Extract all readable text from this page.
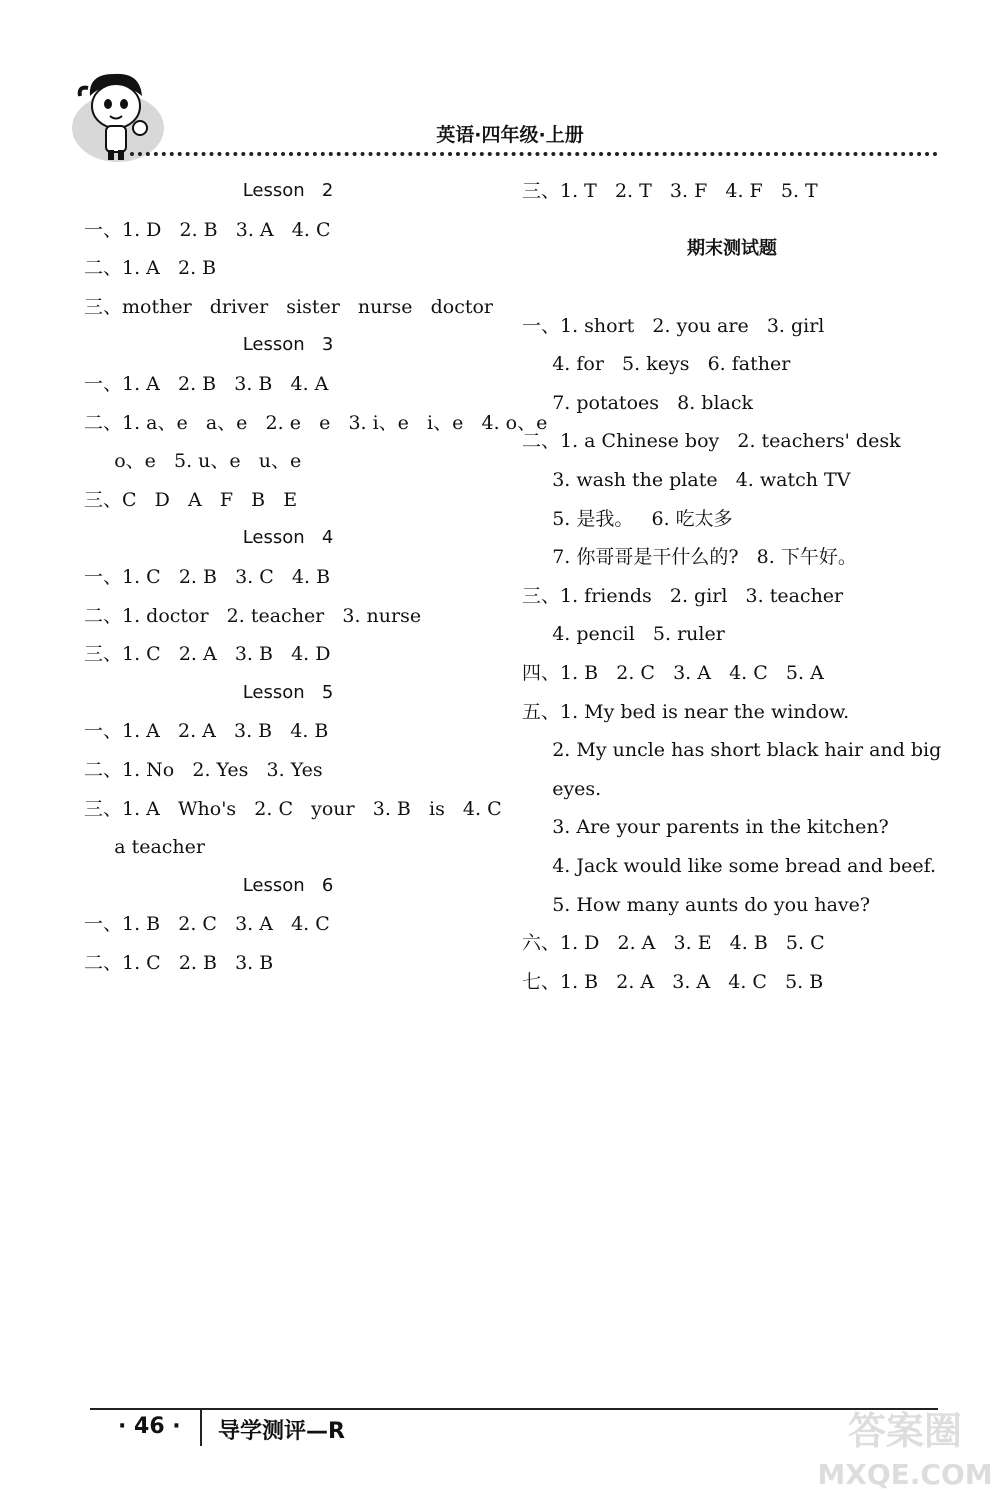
英语·四年级·上册
Lesson   2
一、1. D   2. B   3. A   4. C
二、1. A   2. B
三、mother   driver   sister   nurse   doctor
Lesson   3
一、1. A   2. B   3. B   4. A
二、1. a、e   a、e   2. e   e   3. i、e   i、e   4. o、e
o、e   5. u、e   u、e
三、C   D   A   F   B   E
Lesson   4
一、1. C   2. B   3. C   4. B
二、1. doctor   2. teacher   3. nurse
三、1. C   2. A   3. B   4. D
Lesson   5
一、1. A   2. A   3. B   4. B
二、1. No   2. Yes   3. Yes
三、1. A   Who's   2. C   your   3. B   is   4. C
a teacher
Lesson   6
一、1. B   2. C   3. A   4. C
二、1. C   2. B   3. B
三、1. T   2. T   3. F   4. F   5. T
期末测试题
一、1. short   2. you are   3. girl
4. for   5. keys   6. father
7. potatoes   8. black
二、1. a Chinese boy   2. teachers' desk
3. wash the plate   4. watch TV
5. 是我。   6. 吃太多
7. 你哥哥是干什么的?   8. 下午好。
三、1. friends   2. girl   3. teacher
4. pencil   5. ruler
四、1. B   2. C   3. A   4. C   5. A
五、1. My bed is near the window.
2. My uncle has short black hair and big
eyes.
3. Are your parents in the kitchen?
4. Jack would like some bread and beef.
5. How many aunts do you have?
六、1. D   2. A   3. E   4. B   5. C
七、1. B   2. A   3. A   4. C   5. B
· 46 · 导学测评—R	答案圈
MXQE.COM
